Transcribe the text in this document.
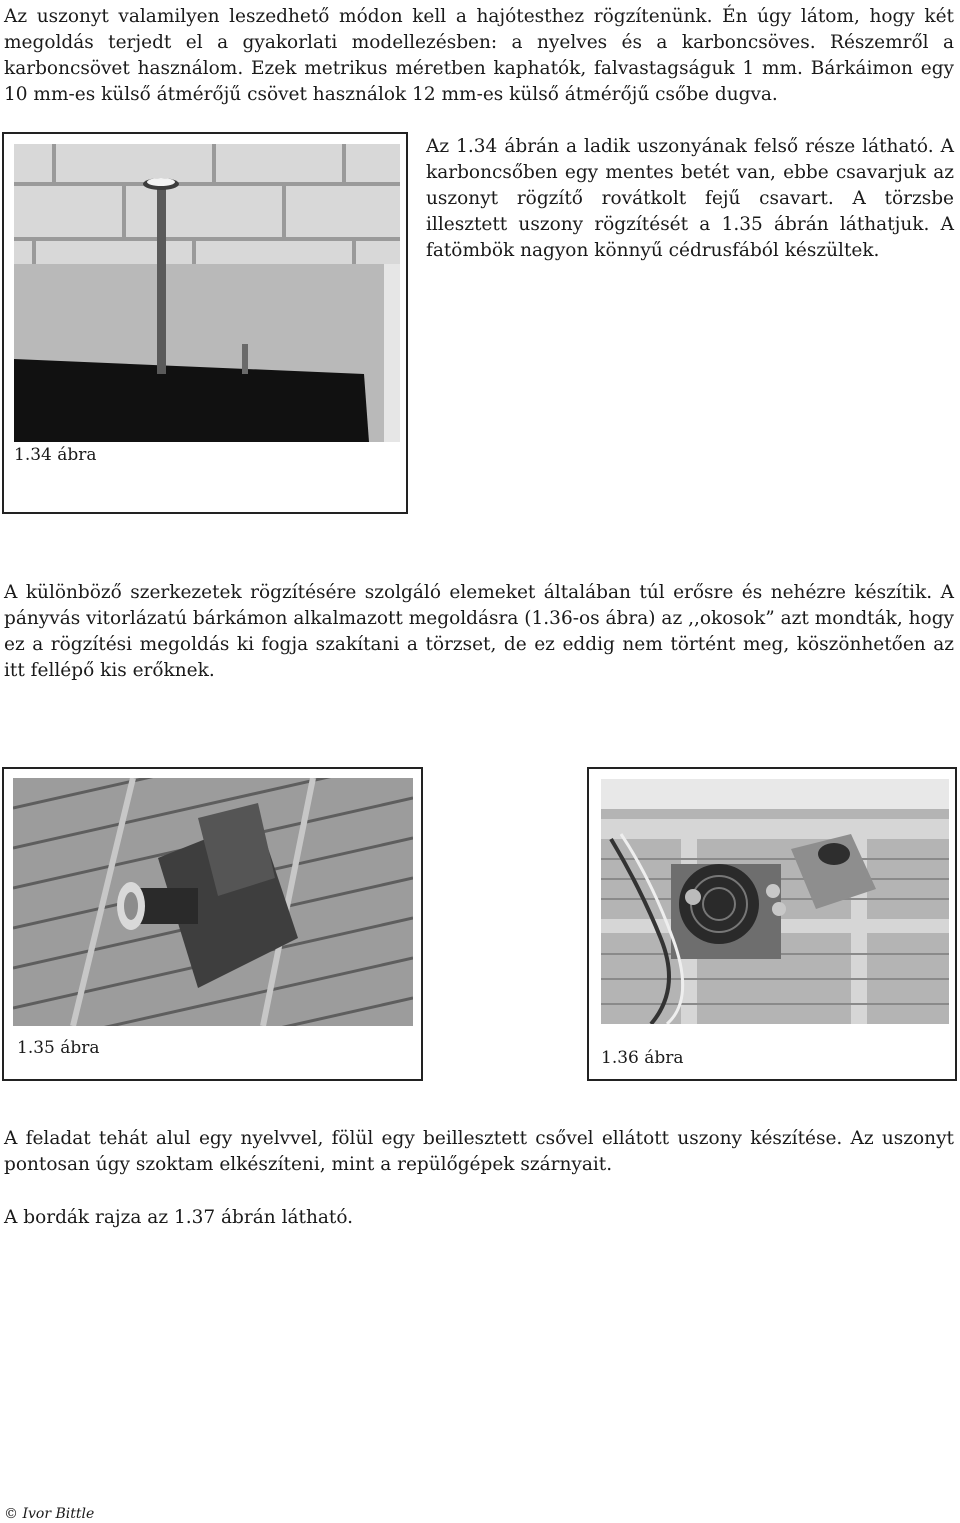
Az uszonyt valamilyen leszedhető módon kell a hajótesthez rögzítenünk. Én úgy látom, hogy két megoldás terjedt el a gyakorlati modellezésben: a nyelves és a karboncsöves. Részemről a karboncsövet használom. Ezek metrikus méretben kaphatók, falvastagságuk 1 mm. Bárkáimon egy 10 mm-es külső átmérőjű csövet használok 12 mm-es külső átmérőjű csőbe dugva.

1.34 ábra

Az 1.34 ábrán a ladik uszonyának felső része látható. A karboncsőben egy mentes betét van, ebbe csavarjuk az uszonyt rögzítő rovátkolt fejű csavart. A törzsbe illesztett uszony rögzítését a 1.35 ábrán láthatjuk. A fatömbök nagyon könnyű cédrusfából készültek.

A különböző szerkezetek rögzítésére szolgáló elemeket általában túl erősre és nehézre készítik. A pányvás vitorlázatú bárkámon alkalmazott megoldásra (1.36-os ábra) az ,,okosok” azt mondták, hogy ez a rögzítési megoldás ki fogja szakítani a törzset, de ez eddig nem történt meg, köszönhetően az itt fellépő kis erőknek.

1.35 ábra	1.36 ábra

A feladat tehát alul egy nyelvvel, fölül egy beillesztett csővel ellátott uszony készítése. Az uszonyt pontosan úgy szoktam elkészíteni, mint a repülőgépek szárnyait.

A bordák rajza az 1.37 ábrán látható.

© Ivor Bittle
